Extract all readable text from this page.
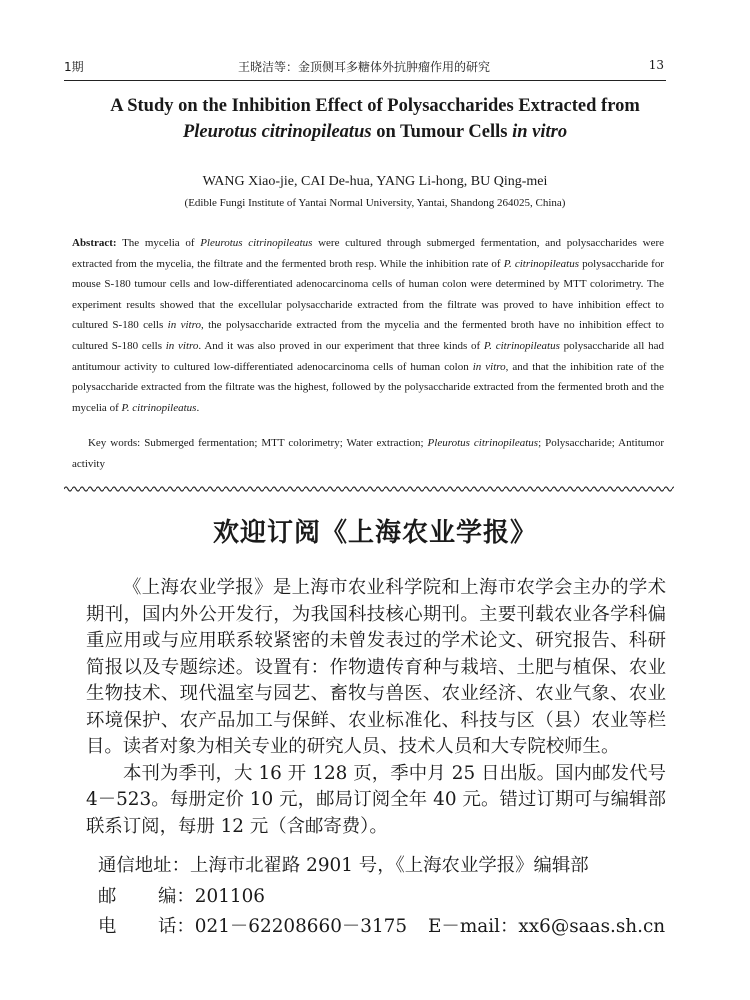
1期	王晓洁等：金顶侧耳多糖体外抗肿瘤作用的研究	13
A Study on the Inhibition Effect of Polysaccharides Extracted from
Pleurotus citrinopileatus on Tumour Cells in vitro
WANG Xiao-jie, CAI De-hua, YANG Li-hong, BU Qing-mei
(Edible Fungi Institute of Yantai Normal University, Yantai, Shandong 264025, China)
Abstract: The mycelia of Pleurotus citrinopileatus were cultured through submerged fermentation, and polysaccharides were extracted from the mycelia, the filtrate and the fermented broth resp. While the inhibition rate of P. citrinopileatus polysaccharide for mouse S-180 tumour cells and low-differentiated adenocarcinoma cells of human colon were determined by MTT colorimetry. The experiment results showed that the excellular polysaccharide extracted from the filtrate was proved to have inhibition effect to cultured S-180 cells in vitro, the polysaccharide extracted from the mycelia and the fermented broth have no inhibition effect to cultured S-180 cells in vitro. And it was also proved in our experiment that three kinds of P. citrinopileatus polysaccharide all had antitumour activity to cultured low-differentiated adenocarcinoma cells of human colon in vitro, and that the inhibition rate of the polysaccharide extracted from the filtrate was the highest, followed by the polysaccharide extracted from the fermented broth and the mycelia of P. citrinopileatus.
Key words: Submerged fermentation; MTT colorimetry; Water extraction; Pleurotus citrinopileatus; Polysaccharide; Antitumor activity
欢迎订阅《上海农业学报》

《上海农业学报》是上海市农业科学院和上海市农学会主办的学术期刊，国内外公开发行，为我国科技核心期刊。主要刊载农业各学科偏重应用或与应用联系较紧密的未曾发表过的学术论文、研究报告、科研简报以及专题综述。设置有：作物遗传育种与栽培、土肥与植保、农业生物技术、现代温室与园艺、畜牧与兽医、农业经济、农业气象、农业环境保护、农产品加工与保鲜、农业标准化、科技与区（县）农业等栏目。读者对象为相关专业的研究人员、技术人员和大专院校师生。

本刊为季刊，大 16 开 128 页，季中月 25 日出版。国内邮发代号 4－523。每册定价 10 元，邮局订阅全年 40 元。错过订期可与编辑部联系订阅，每册 12 元（含邮寄费）。

通信地址：上海市北翟路 2901 号，《上海农业学报》编辑部
邮 编：201106
电 话：021－62208660－3175 E－mail：xx6@saas.sh.cn
